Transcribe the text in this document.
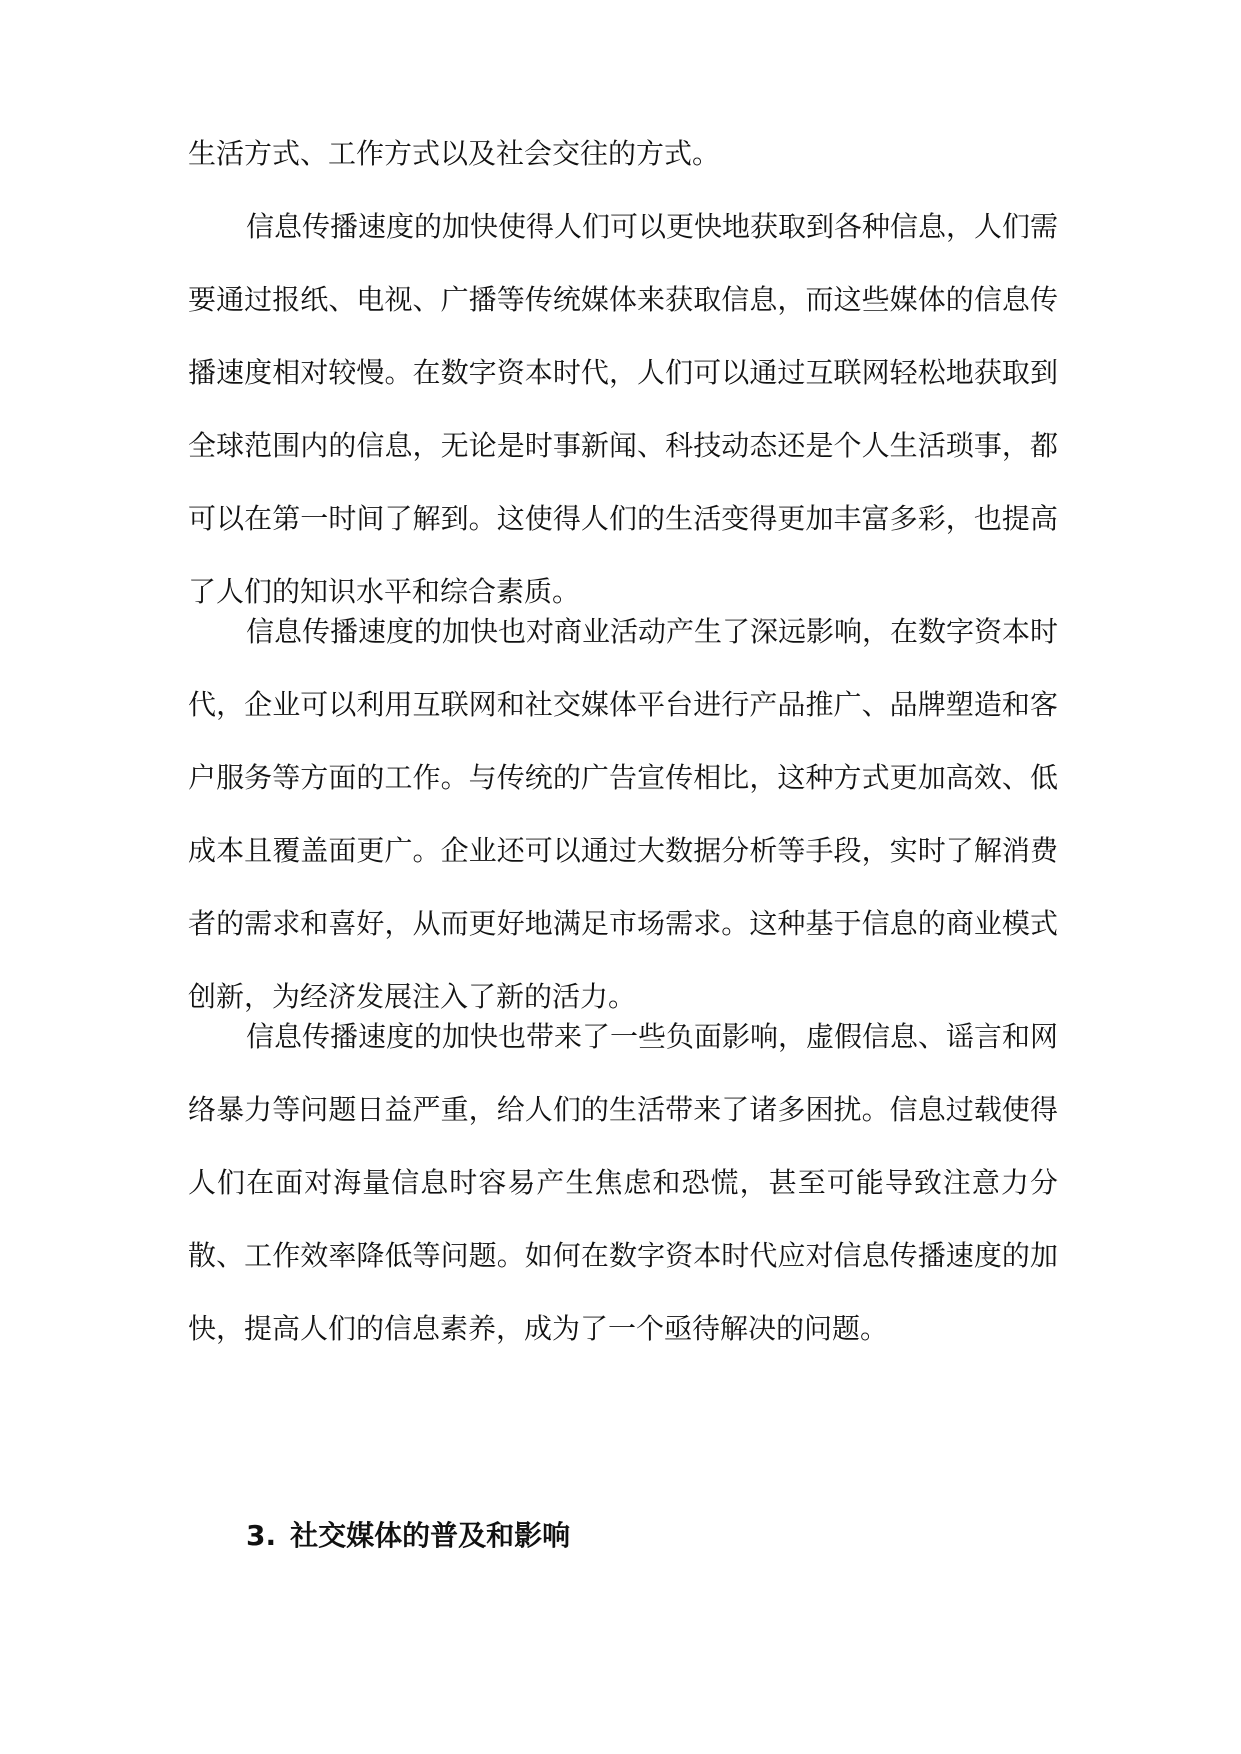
生活方式、工作方式以及社会交往的方式。

信息传播速度的加快使得人们可以更快地获取到各种信息，人们需要通过报纸、电视、广播等传统媒体来获取信息，而这些媒体的信息传播速度相对较慢。在数字资本时代，人们可以通过互联网轻松地获取到全球范围内的信息，无论是时事新闻、科技动态还是个人生活琐事，都可以在第一时间了解到。这使得人们的生活变得更加丰富多彩，也提高了人们的知识水平和综合素质。

信息传播速度的加快也对商业活动产生了深远影响，在数字资本时代，企业可以利用互联网和社交媒体平台进行产品推广、品牌塑造和客户服务等方面的工作。与传统的广告宣传相比，这种方式更加高效、低成本且覆盖面更广。企业还可以通过大数据分析等手段，实时了解消费者的需求和喜好，从而更好地满足市场需求。这种基于信息的商业模式创新，为经济发展注入了新的活力。

信息传播速度的加快也带来了一些负面影响，虚假信息、谣言和网络暴力等问题日益严重，给人们的生活带来了诸多困扰。信息过载使得人们在面对海量信息时容易产生焦虑和恐慌，甚至可能导致注意力分散、工作效率降低等问题。如何在数字资本时代应对信息传播速度的加快，提高人们的信息素养，成为了一个亟待解决的问题。

3. 社交媒体的普及和影响
